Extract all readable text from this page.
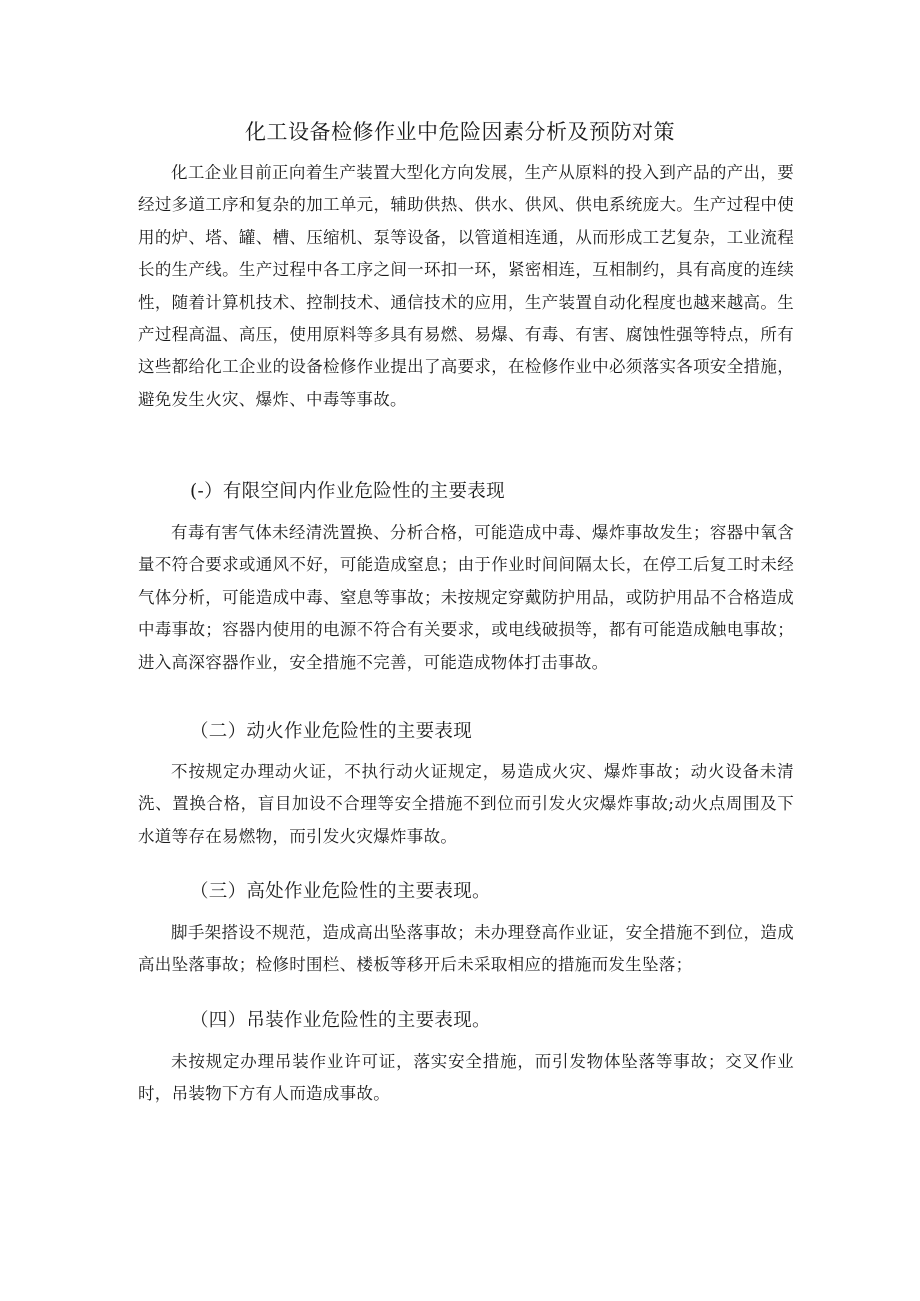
化工设备检修作业中危险因素分析及预防对策

化工企业目前正向着生产装置大型化方向发展，生产从原料的投入到产品的产出，要经过多道工序和复杂的加工单元，辅助供热、供水、供风、供电系统庞大。生产过程中使用的炉、塔、罐、槽、压缩机、泵等设备，以管道相连通，从而形成工艺复杂，工业流程长的生产线。生产过程中各工序之间一环扣一环，紧密相连，互相制约，具有高度的连续性，随着计算机技术、控制技术、通信技术的应用，生产装置自动化程度也越来越高。生产过程高温、高压，使用原料等多具有易燃、易爆、有毒、有害、腐蚀性强等特点，所有这些都给化工企业的设备检修作业提出了高要求，在检修作业中必须落实各项安全措施，避免发生火灾、爆炸、中毒等事故。

(-）有限空间内作业危险性的主要表现

有毒有害气体未经清洗置换、分析合格，可能造成中毒、爆炸事故发生；容器中氧含量不符合要求或通风不好，可能造成窒息；由于作业时间间隔太长，在停工后复工时未经气体分析，可能造成中毒、窒息等事故；未按规定穿戴防护用品，或防护用品不合格造成中毒事故；容器内使用的电源不符合有关要求，或电线破损等，都有可能造成触电事故；进入高深容器作业，安全措施不完善，可能造成物体打击事故。

（二）动火作业危险性的主要表现

不按规定办理动火证，不执行动火证规定，易造成火灾、爆炸事故；动火设备未清洗、置换合格，盲目加设不合理等安全措施不到位而引发火灾爆炸事故;动火点周围及下水道等存在易燃物，而引发火灾爆炸事故。

（三）高处作业危险性的主要表现。

脚手架搭设不规范，造成高出坠落事故；未办理登高作业证，安全措施不到位，造成高出坠落事故；检修时围栏、楼板等移开后未采取相应的措施而发生坠落；

（四）吊装作业危险性的主要表现。

未按规定办理吊装作业许可证，落实安全措施，而引发物体坠落等事故；交叉作业时，吊装物下方有人而造成事故。
